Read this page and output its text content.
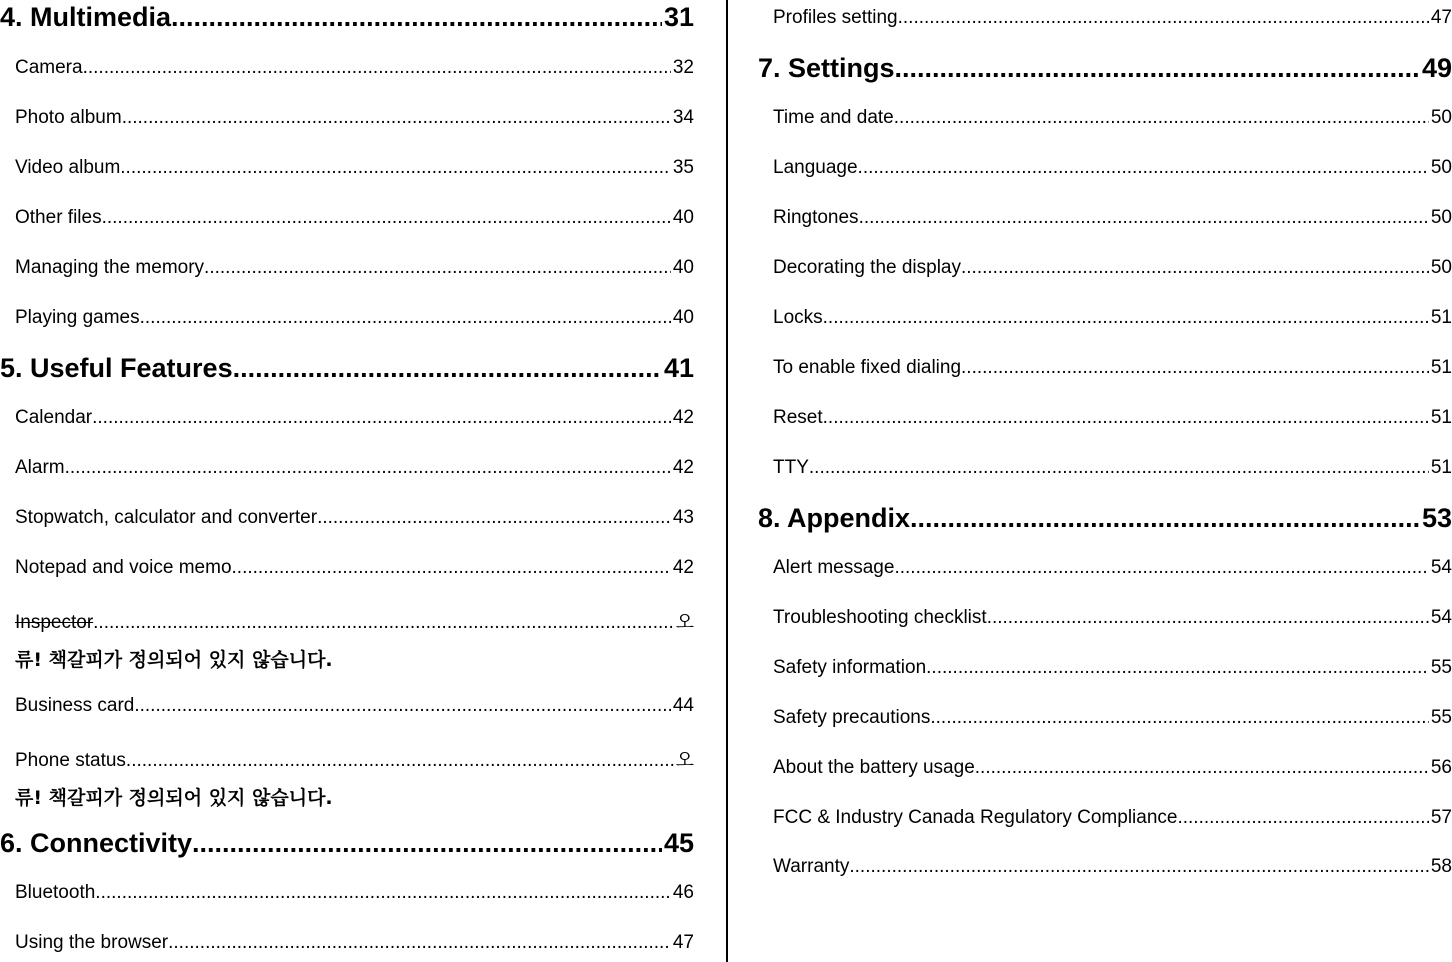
4. Multimedia .....	31
Camera .....	32
Photo album .....	34
Video album .....	35
Other files .....	40
Managing the memory .....	40
Playing games .....	40
5. Useful Features .....	41
Calendar .....	42
Alarm .....	42
Stopwatch, calculator and converter .....	43
Notepad and voice memo .....	42
Inspector .....	오
류! 책갈피가 정의되어 있지 않습니다.
Business card .....	44
Phone status .....	오
류! 책갈피가 정의되어 있지 않습니다.
6. Connectivity .....	45
Bluetooth .....	46
Using the browser .....	47
Profiles setting .....	47
7. Settings .....	49
Time and date .....	50
Language .....	50
Ringtones .....	50
Decorating the display .....	50
Locks .....	51
To enable fixed dialing .....	51
Reset .....	51
TTY .....	51
8. Appendix .....	53
Alert message .....	54
Troubleshooting checklist .....	54
Safety information .....	55
Safety precautions .....	55
About the battery usage .....	56
FCC & Industry Canada Regulatory Compliance .....	57
Warranty .....	58
